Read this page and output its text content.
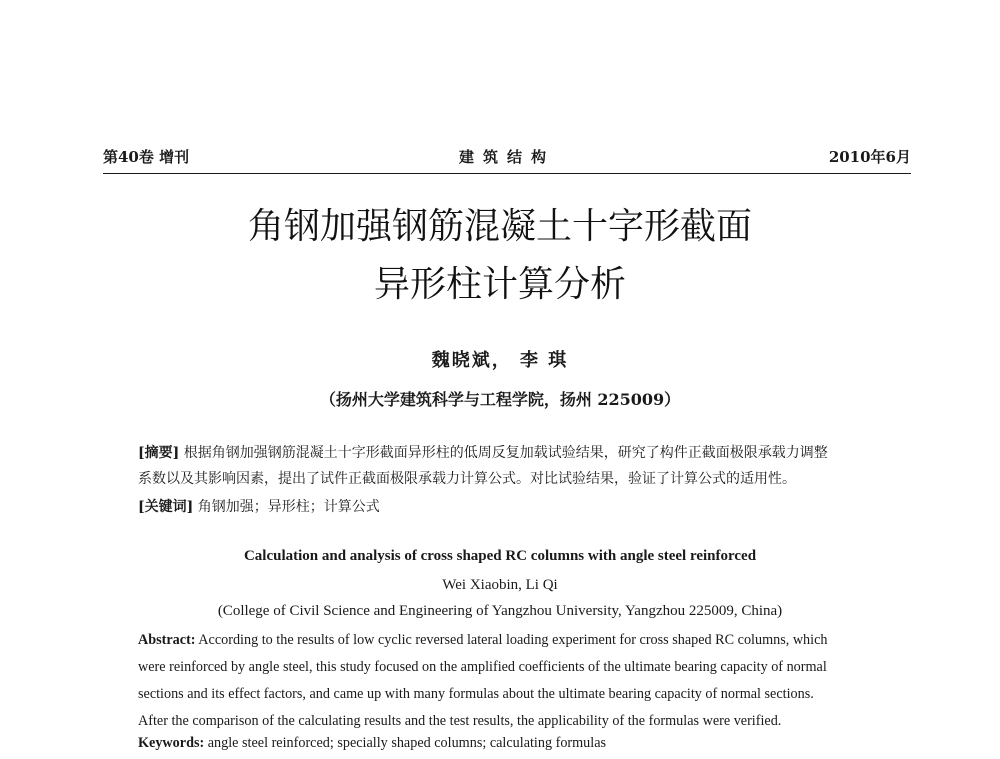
第40卷 增刊	建筑结构	2010年6月
角钢加强钢筋混凝土十字形截面
异形柱计算分析
魏晓斌， 李 琪
（扬州大学建筑科学与工程学院，扬州 225009）
[摘要] 根据角钢加强钢筋混凝土十字形截面异形柱的低周反复加载试验结果，研究了构件正截面极限承载力调整
系数以及其影响因素，提出了试件正截面极限承载力计算公式。对比试验结果，验证了计算公式的适用性。
[关键词] 角钢加强；异形柱；计算公式
Calculation and analysis of cross shaped RC columns with angle steel reinforced
Wei Xiaobin, Li Qi
(College of Civil Science and Engineering of Yangzhou University, Yangzhou 225009, China)
Abstract: According to the results of low cyclic reversed lateral loading experiment for cross shaped RC columns, which
were reinforced by angle steel, this study focused on the amplified coefficients of the ultimate bearing capacity of normal
sections and its effect factors, and came up with many formulas about the ultimate bearing capacity of normal sections.
After the comparison of the calculating results and the test results, the applicability of the formulas were verified.
Keywords: angle steel reinforced; specially shaped columns; calculating formulas
